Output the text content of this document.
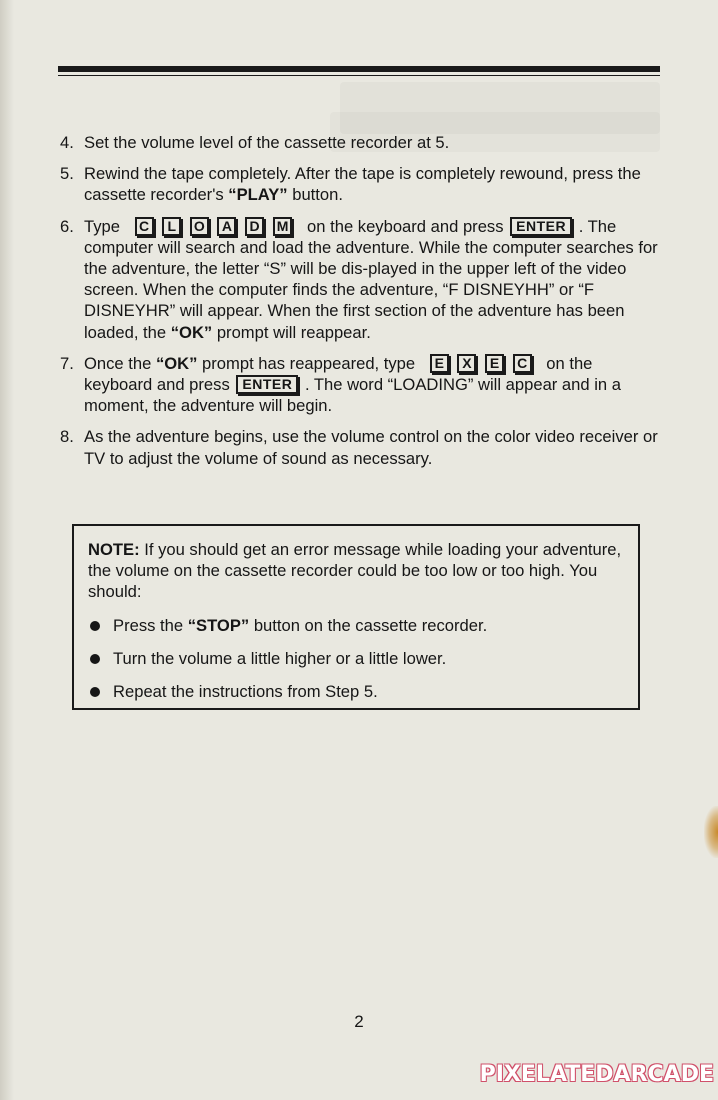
4. Set the volume level of the cassette recorder at 5.
5. Rewind the tape completely. After the tape is completely rewound, press the cassette recorder's “PLAY” button.
6. Type C L O A D M on the keyboard and press ENTER . The computer will search and load the adventure. While the computer searches for the adventure, the letter “S” will be dis-played in the upper left of the video screen. When the computer finds the adventure, “F DISNEYHH” or “F DISNEYHR” will appear. When the first section of the adventure has been loaded, the “OK” prompt will reappear.
7. Once the “OK” prompt has reappeared, type E X E C on the keyboard and press ENTER . The word “LOADING” will appear and in a moment, the adventure will begin.
8. As the adventure begins, use the volume control on the color video receiver or TV to adjust the volume of sound as necessary.
NOTE: If you should get an error message while loading your adventure, the volume on the cassette recorder could be too low or too high. You should:
Press the “STOP” button on the cassette recorder.
Turn the volume a little higher or a little lower.
Repeat the instructions from Step 5.
2
PIXELATEDARCADE
